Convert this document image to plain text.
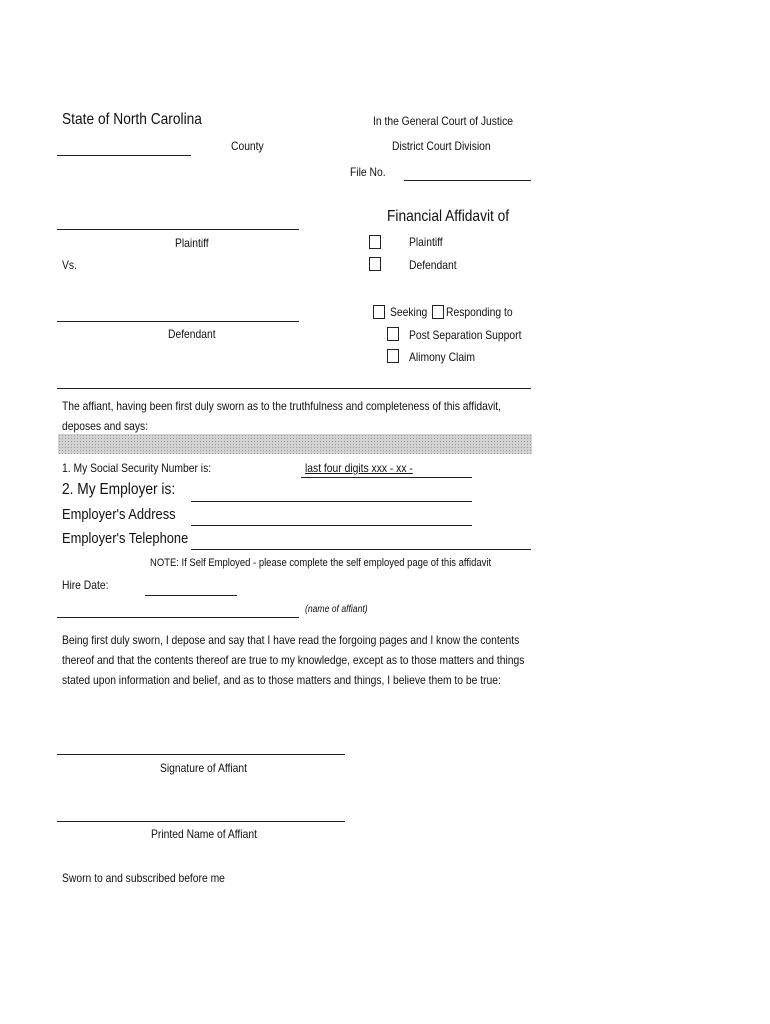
State of North Carolina
County
In the General Court of Justice
District Court Division
File No.
Plaintiff
Vs.
Defendant
Financial Affidavit of
Plaintiff
Defendant
Seeking Responding to
Post Separation Support
Alimony Claim
The affiant, having been first duly sworn as to the truthfulness and completeness of this affidavit, deposes and says:
1. My Social Security Number is:	last four digits xxx - xx -
2. My Employer is:
Employer's Address
Employer's Telephone
NOTE: If Self Employed - please complete the self employed page of this affidavit
Hire Date:
(name of affiant)
Being first duly sworn, I depose and say that I have read the forgoing pages and I know the contents thereof and that the contents thereof are true to my knowledge, except as to those matters and things stated upon information and belief, and as to those matters and things, I believe them to be true:
Signature of Affiant
Printed Name of Affiant
Sworn to and subscribed before me
